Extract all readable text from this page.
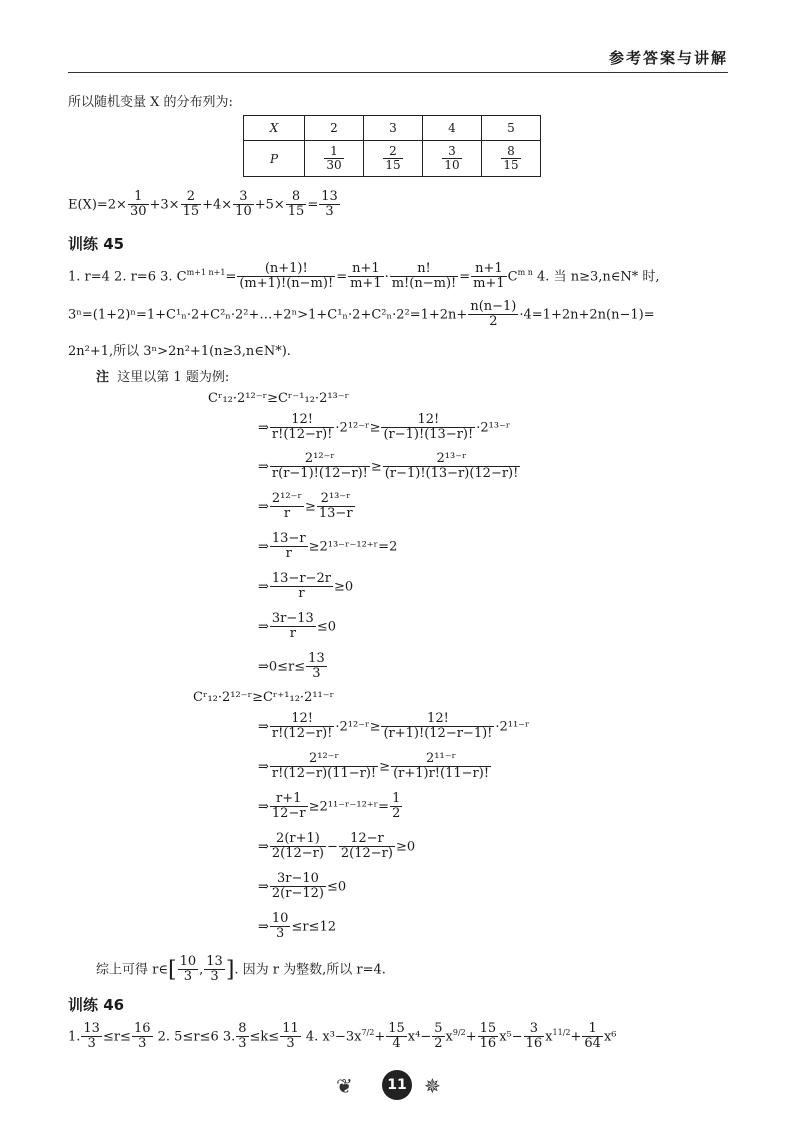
参考答案与讲解
所以随机变量 X 的分布列为:
X	2	3	4	5
P	$\frac{1}{30}$	$\frac{2}{15}$	$\frac{3}{10}$	$\frac{8}{15}$
$E(X)=2\times \frac{1}{30} +3\times \frac{2}{15} +4\times \frac{3}{10} +5\times \frac{8}{15} = \frac{13}{3}$
训练 45
1. r=4 2. r=6 3. $C^{m+1 n+1}= \frac{(n+1)!}{(m+1)!(n-m)!} = \frac{n+1}{m+1} \cdot \frac{n!}{m!(n-m)!} = \frac{n+1}{m+1} C^{m n}$ 4. 当 n≥3,n∈N* 时,
3ⁿ=(1+2)ⁿ=1+C¹ₙ·2+C²ₙ·2²+…+2ⁿ>1+C¹ₙ·2+C²ₙ·2²=1+2n+ $\frac{n(n-1)}{2} \cdot 4=1+2n+2n(n-1)=$
2n²+1,所以 3ⁿ>2n²+1(n≥3,n∈N*).
注 这里以第 1 题为例:
Cʳ₁₂·2¹²⁻ʳ≥Cʳ⁻¹₁₂·2¹³⁻ʳ
⇒ $\frac{12!}{r!(12-r)!}$ ·2¹²⁻ʳ≥ $\frac{12!}{(r-1)!(13-r)!}$ ·2¹³⁻ʳ
⇒ $\frac{\text{2¹²⁻ʳ}}{r(r-1)!(12-r)!} \ge \frac{\text{2¹³⁻ʳ}}{(r-1)!(13-r)(12-r)!}$
⇒ $\frac{\text{2¹²⁻ʳ}}{r} \ge \frac{\text{2¹³⁻ʳ}}{13-r}$
⇒ $\frac{13-r}{r}$ ≥2¹³⁻ʳ⁻¹²⁺ʳ=2
⇒ $\frac{13-r-2r}{r} \ge 0$
⇒ $\frac{3r-13}{r} \le 0$
⇒0≤r≤ $\frac{13}{3}$
Cʳ₁₂·2¹²⁻ʳ≥Cʳ⁺¹₁₂·2¹¹⁻ʳ
⇒ $\frac{12!}{r!(12-r)!}$ ·2¹²⁻ʳ≥ $\frac{12!}{(r+1)!(12-r-1)!}$ ·2¹¹⁻ʳ
⇒ $\frac{\text{2¹²⁻ʳ}}{r!(12-r)(11-r)!} \ge \frac{\text{2¹¹⁻ʳ}}{(r+1)r!(11-r)!}$
⇒ $\frac{r+1}{12-r}$ ≥2¹¹⁻ʳ⁻¹²⁺ʳ= $\frac{1}{2}$
⇒ $\frac{2(r+1)}{2(12-r)} - \frac{12-r}{2(12-r)} \ge 0$
⇒ $\frac{3r-10}{2(r-12)} \le 0$
⇒ $\frac{10}{3} \le r\le 12$
综上可得 r∈[ $\frac{10}{3}$ , $\frac{13}{3}$ ]. 因为 r 为整数,所以 r=4.
训练 46
1. $\frac{13}{3} \le r\le \frac{16}{3} 2$. 5≤r≤6 3. $\frac{8}{3} \le k\le \frac{11}{3} 4$. $x^3-3x^{7/2}+ \frac{15}{4} x^4- \frac{5}{2} x^{9/2}+ \frac{15}{16} x^5- \frac{3}{16} x^{11/2}+ \frac{1}{64} x^6$
❦	11 ✵
